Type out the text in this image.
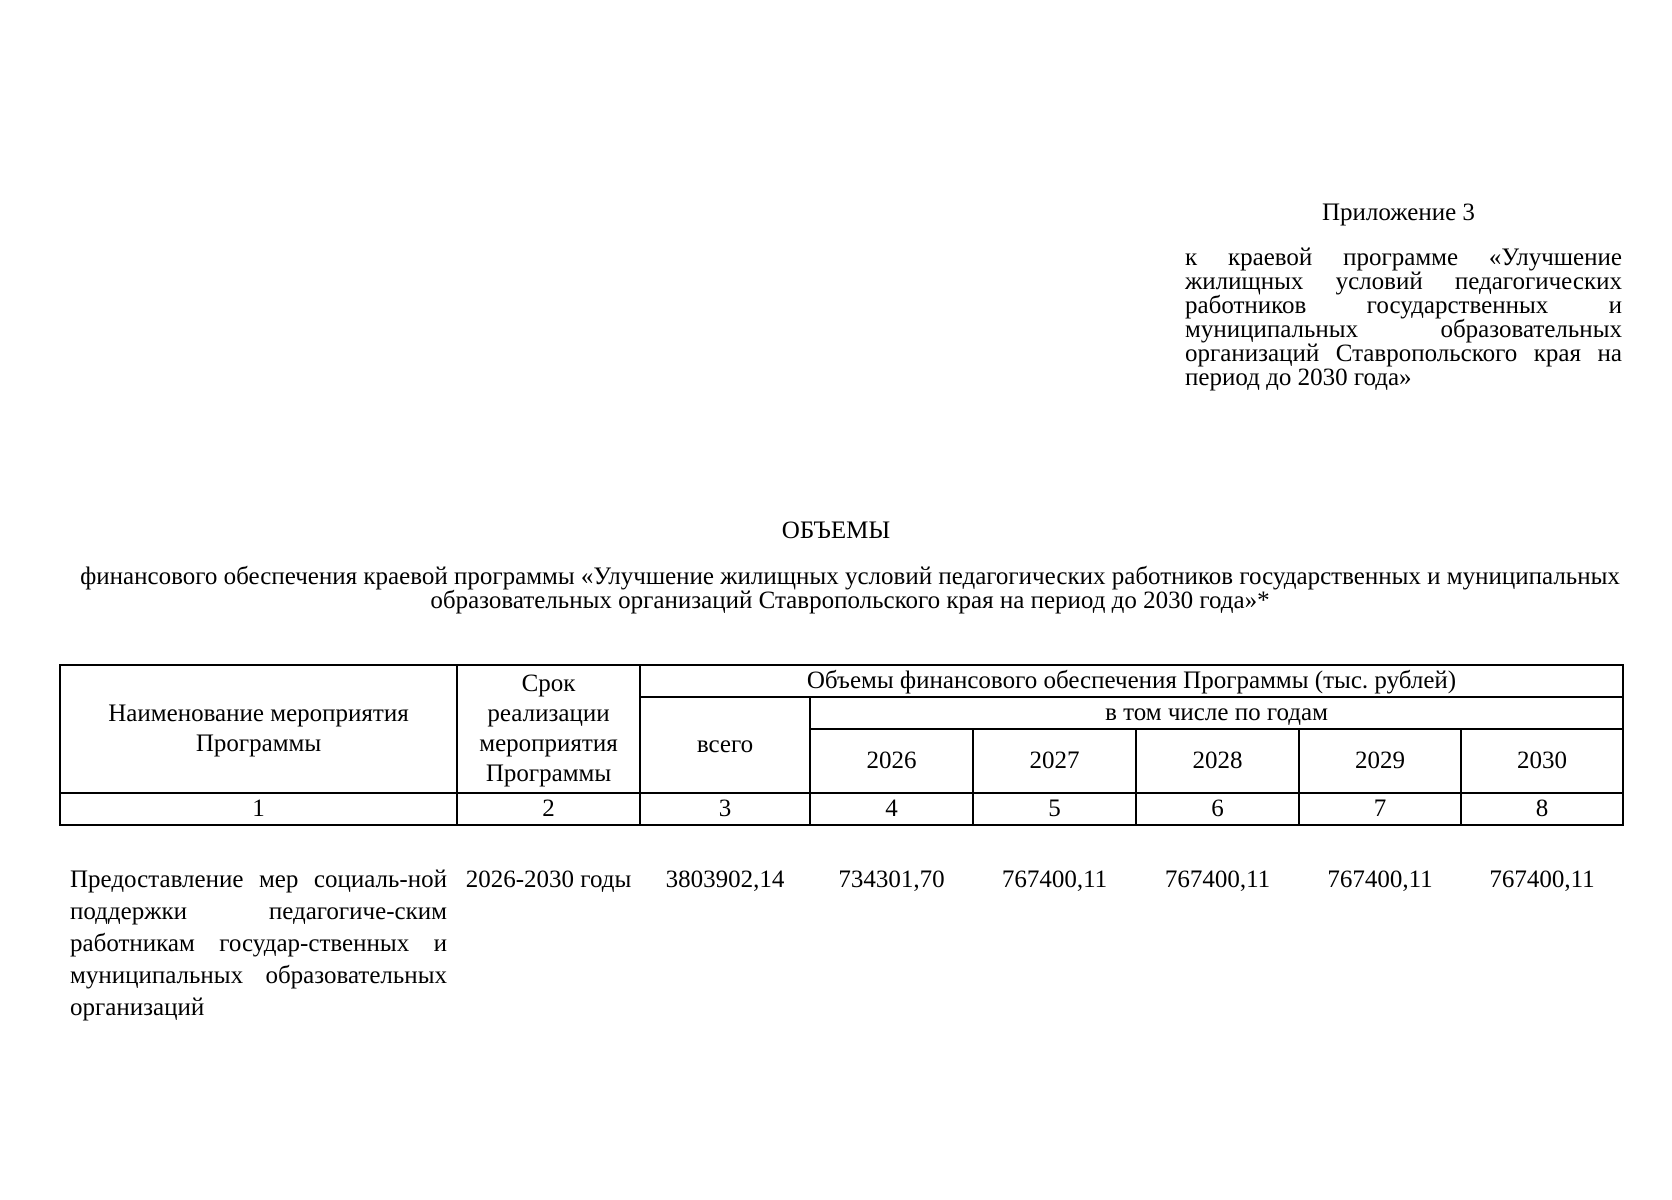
Приложение 3
к краевой программе «Улучшение жилищных условий педагогических работников государственных и муниципальных образовательных организаций Ставропольского края на период до 2030 года»
ОБЪЕМЫ
финансового обеспечения краевой программы «Улучшение жилищных условий педагогических работников государственных и муниципальных образовательных организаций Ставропольского края на период до 2030 года»*
Наименование мероприятия Программы	Срок реализации мероприятия Программы	Объемы финансового обеспечения Программы (тыс. рублей)					
		всего	в том числе по годам				
			2026	2027	2028	2029	2030
1	2	3	4	5	6	7	8

Предоставление мер социаль-ной поддержки педагогиче-ским работникам государ-ственных и муниципальных образовательных организаций	2026-2030 годы	3803902,14	734301,70	767400,11	767400,11	767400,11	767400,11
